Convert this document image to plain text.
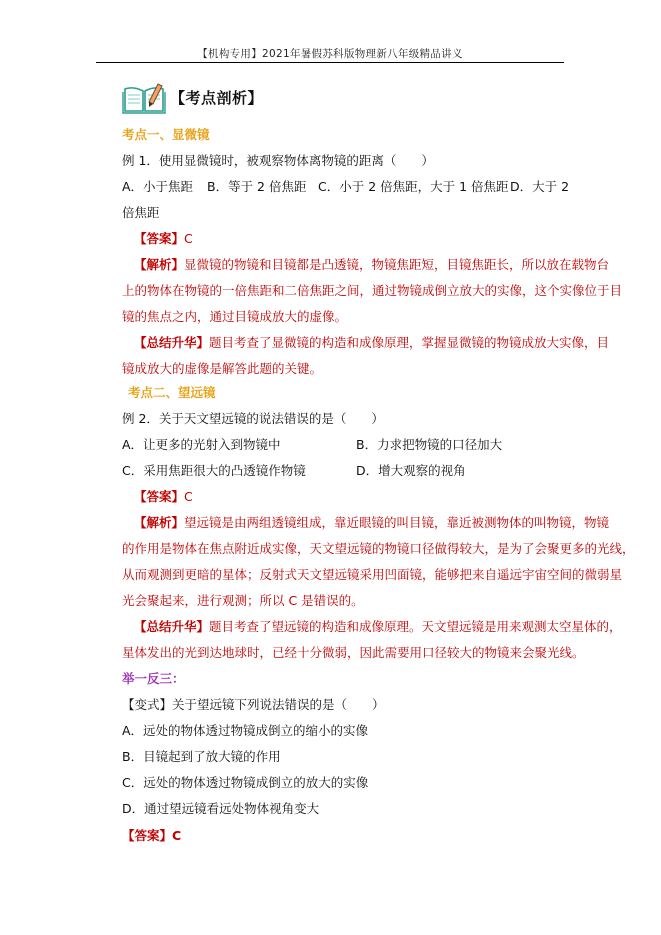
【机构专用】2021年暑假苏科版物理新八年级精品讲义
【考点剖析】
考点一、显微镜
例 1．使用显微镜时，被观察物体离物镜的距离（　　）
A．小于焦距 B．等于 2 倍焦距 C．小于 2 倍焦距，大于 1 倍焦距 D．大于 2
倍焦距
【答案】C
【解析】显微镜的物镜和目镜都是凸透镜，物镜焦距短，目镜焦距长，所以放在载物台
上的物体在物镜的一倍焦距和二倍焦距之间，通过物镜成倒立放大的实像，这个实像位于目
镜的焦点之内，通过目镜成放大的虚像。
【总结升华】题目考查了显微镜的构造和成像原理，掌握显微镜的物镜成放大实像，目
镜成放大的虚像是解答此题的关键。
考点二、望远镜
例 2．关于天文望远镜的说法错误的是（　　）
A．让更多的光射入到物镜中	B．力求把物镜的口径加大
C．采用焦距很大的凸透镜作物镜	D．增大观察的视角
【答案】C
【解析】望远镜是由两组透镜组成，靠近眼镜的叫目镜，靠近被测物体的叫物镜，物镜
的作用是物体在焦点附近成实像，天文望远镜的物镜口径做得较大，是为了会聚更多的光线，
从而观测到更暗的星体；反射式天文望远镜采用凹面镜，能够把来自遥远宇宙空间的微弱星
光会聚起来，进行观测；所以 C 是错误的。
【总结升华】题目考查了望远镜的构造和成像原理。天文望远镜是用来观测太空星体的，
星体发出的光到达地球时，已经十分微弱，因此需要用口径较大的物镜来会聚光线。
举一反三：
【变式】关于望远镜下列说法错误的是（　　）
A．远处的物体透过物镜成倒立的缩小的实像
B．目镜起到了放大镜的作用
C．远处的物体透过物镜成倒立的放大的实像
D．通过望远镜看远处物体视角变大
【答案】C
